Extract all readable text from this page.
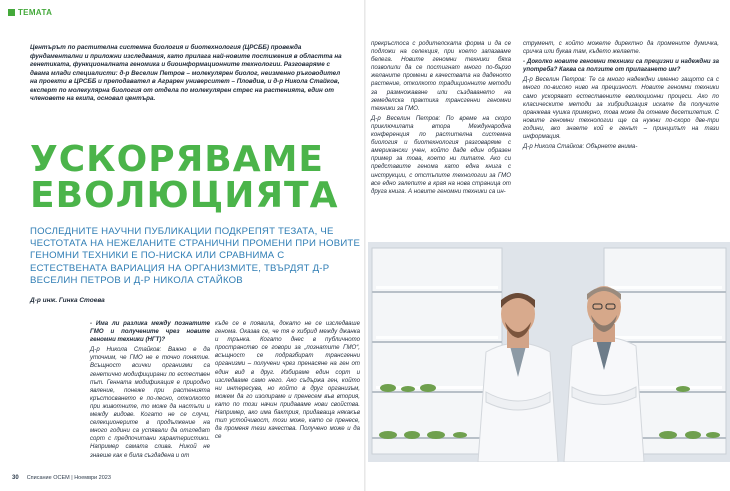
ТЕМАТА

Центърът по растителна системна биология и биотехнология (ЦРСББ) провежда фундаментални и приложни изследвания, като прилага най-новите постижения в областта на генетиката, функционалната геномика и биоинформационните технологии. Разговаряме с двама млади специалисти: д-р Веселин Петров – молекулярен биолог, неизменно ръководител на проекти в ЦРСББ и преподавател в Аграрен университет – Пловдив, и д-р Никола Стайков, експерт по молекулярна биология от отдела по молекулярен стрес на растенията, един от членовете на екипа, основал центъра.

УСКОРЯВАМЕ
ЕВОЛЮЦИЯТА
ПОСЛЕДНИТЕ НАУЧНИ ПУБЛИКАЦИИ ПОДКРЕПЯТ ТЕЗАТА, ЧЕ ЧЕСТОТАТА НА НЕЖЕЛАНИТЕ СТРАНИЧНИ ПРОМЕНИ ПРИ НОВИТЕ ГЕНОМНИ ТЕХНИКИ Е ПО-НИСКА ИЛИ СРАВНИМА С ЕСТЕСТВЕНАТА ВАРИАЦИЯ НА ОРГАНИЗМИТЕ, ТВЪРДЯТ Д-Р ВЕСЕЛИН ПЕТРОВ И Д-Р НИКОЛА СТАЙКОВ
Д-р инж. Гинка Стоева

- Има ли разлика между познатите ГМО и получените чрез новите геномни техники (НГТ)?

Д-р Никола Стайков: Важно е да уточним, че ГМО не е точно понятие. Всъщност всички организми са генетично модифицирани по естествен път. Генната модификация е природно явление, понеже при растенията кръстосването е по-лесно, отколкото при животните, то може да настъпи и между видове. Когато не се случи, селекционерите в продължение на много години са успявали да отгледат сорт с предпочитани характеристики. Например самата слива. Никой не знаеше как е била създадена и от

къде се е появила, докато не се изследваше генома. Оказва се, че тя е хибрид между джанка и трънка. Когато днес в публичното пространство се говори за „познатите ГМО“, всъщност се подразбират трансгенни организми – получени чрез пренасяне на ген от един вид в друг. Избираме един сорт и изследваме само него. Ако съдържа ген, който ни интересува, но който в друг организъм, можем да го изолираме и пренесем във втория, като по този начин придаваме нови свойства. Например, ако има бактрия, придаваща някакъв тип устойчивост, този може, като се пренесе, да променя тези качества. Получено може и да се

прекръстоса с родителската форма и да се подложи на селекция, при което запазваме белега. Новите геномни техники бяха позволили да се постигнат много по-бързо желаните промени в качествата на даденото растение, отколкото традиционните методи за размножаване или създаването на земеделска практика трансгенни геномни техники за ГМО.

Д-р Веселин Петров: По време на скоро приключилата втора Международна конференция по растителна системна биология и биотехнология разговаряме с американски учен, който даде един образен пример за това, което ни питате. Ако си представите генома като една книга с инструкции, с отстъпите технологии за ГМО все едно залепите в края на нова страница от друга книга. А новите геномни техники са ин-

струмент, с който можете директно да промените думичка, сричка или буква там, където желаете.

- Доколко новите геномни техники са прецизни и надеждни за употреба? Каква са ползите от прилагането им?

Д-р Веселин Петров: Те са много надеждни именно защото са с много по-високо ниво на прецизност. Новите геномни техники само ускоряват естествените еволюционни процеси. Ако по класическите методи за хибридизация искате да получите оранжева чушка примерно, това може да отнеме десетилетия. С новите геномни технологии ще са нужни по-скоро две-три години, ако знаете кой е генът – принципът на тази информация.

Д-р Никола Стайков: Обърнете внима-

30 Списание ОСЕМ | Ноември 2023
